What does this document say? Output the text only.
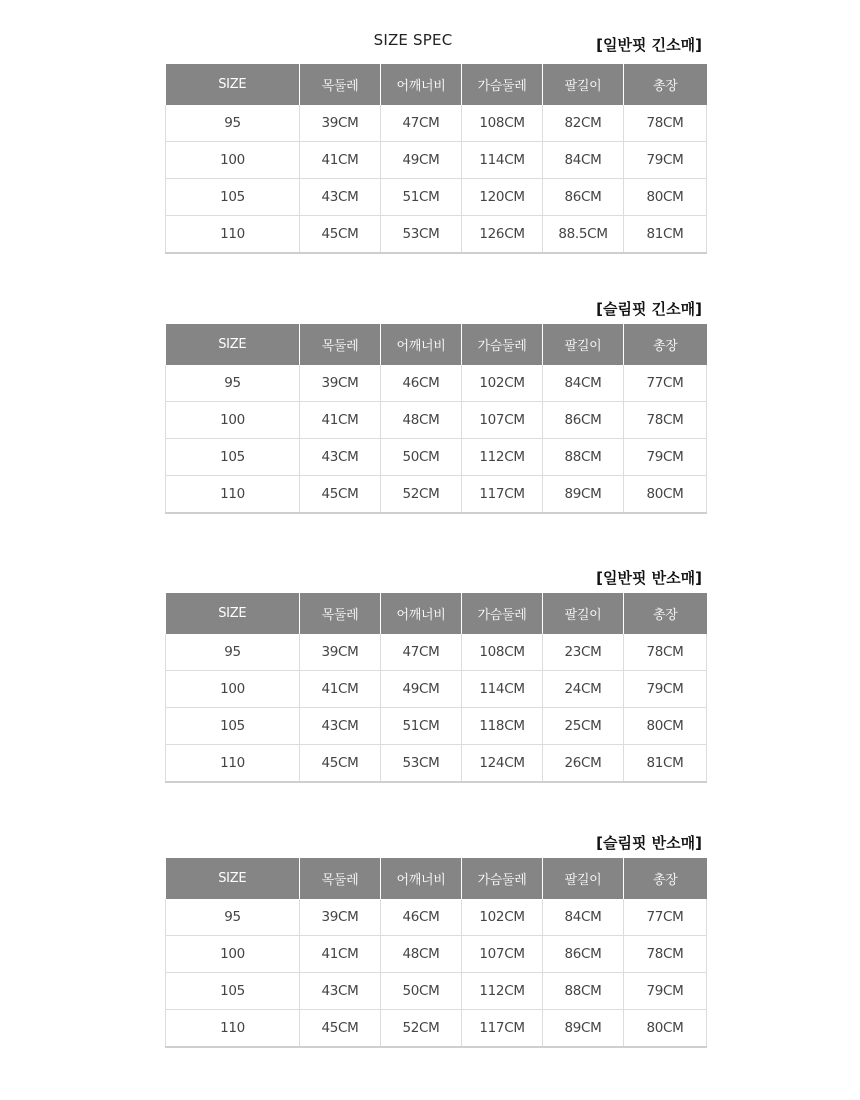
SIZE SPEC	[일반핏 긴소매]
SIZE	목둘레	어깨너비	가슴둘레	팔길이	총장
95	39CM	47CM	108CM	82CM	78CM
100	41CM	49CM	114CM	84CM	79CM
105	43CM	51CM	120CM	86CM	80CM
110	45CM	53CM	126CM	88.5CM	81CM
[슬림핏 긴소매]
SIZE	목둘레	어깨너비	가슴둘레	팔길이	총장
95	39CM	46CM	102CM	84CM	77CM
100	41CM	48CM	107CM	86CM	78CM
105	43CM	50CM	112CM	88CM	79CM
110	45CM	52CM	117CM	89CM	80CM
[일반핏 반소매]
SIZE	목둘레	어깨너비	가슴둘레	팔길이	총장
95	39CM	47CM	108CM	23CM	78CM
100	41CM	49CM	114CM	24CM	79CM
105	43CM	51CM	118CM	25CM	80CM
110	45CM	53CM	124CM	26CM	81CM
[슬림핏 반소매]
SIZE	목둘레	어깨너비	가슴둘레	팔길이	총장
95	39CM	46CM	102CM	84CM	77CM
100	41CM	48CM	107CM	86CM	78CM
105	43CM	50CM	112CM	88CM	79CM
110	45CM	52CM	117CM	89CM	80CM
